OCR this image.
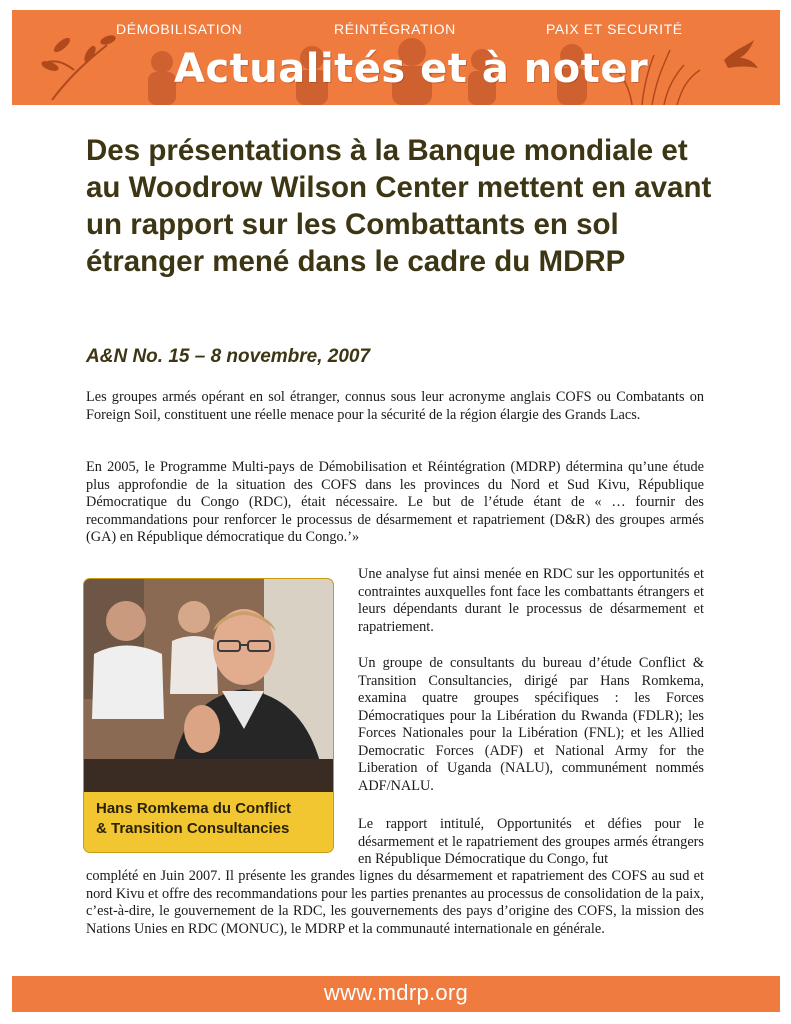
DÉMOBILISATION	RÉINTÉGRATION	PAIX ET SECURITÉ
Actualités et à noter
Des présentations à la Banque mondiale et au Woodrow Wilson Center mettent en avant un rapport sur les Combattants en sol étranger mené dans le cadre du MDRP
A&N No. 15 – 8 novembre, 2007

Les groupes armés opérant en sol étranger, connus sous leur acronyme anglais COFS ou Combatants on Foreign Soil, constituent une réelle menace pour la sécurité de la région élargie des Grands Lacs.

En 2005, le Programme Multi-pays de Démobilisation et Réintégration (MDRP) détermina qu’une étude plus approfondie de la situation des COFS dans les provinces du Nord et Sud Kivu, République Démocratique du Congo (RDC), était nécessaire. Le but de l’étude étant de « … fournir des recommandations pour renforcer le processus de désarmement et rapatriement (D&R) des groupes armés (GA) en République démocratique du Congo.’»

Hans Romkema du Conflict
& Transition Consultancies

Une analyse fut ainsi menée en RDC sur les opportunités et contraintes auxquelles font face les combattants étrangers et leurs dépendants durant le processus de désarmement et rapatriement.

Un groupe de consultants du bureau d’étude Conflict & Transition Consultancies, dirigé par Hans Romkema, examina quatre groupes spécifiques : les Forces Démocratiques pour la Libération du Rwanda (FDLR); les Forces Nationales pour la Libération (FNL); et les Allied Democratic Forces (ADF) et National Army for the Liberation of Uganda (NALU), communément nommés ADF/NALU.

Le rapport intitulé, Opportunités et défies pour le désarmement et le rapatriement des groupes armés étrangers en République Démocratique du Congo, fut

complété en Juin 2007. Il présente les grandes lignes du désarmement et rapatriement des COFS au sud et nord Kivu et offre des recommandations pour les parties prenantes au processus de consolidation de la paix, c’est-à-dire, le gouvernement de la RDC, les gouvernements des pays d’origine des COFS, la mission des Nations Unies en RDC (MONUC), le MDRP et la communauté internationale en générale.

www.mdrp.org
